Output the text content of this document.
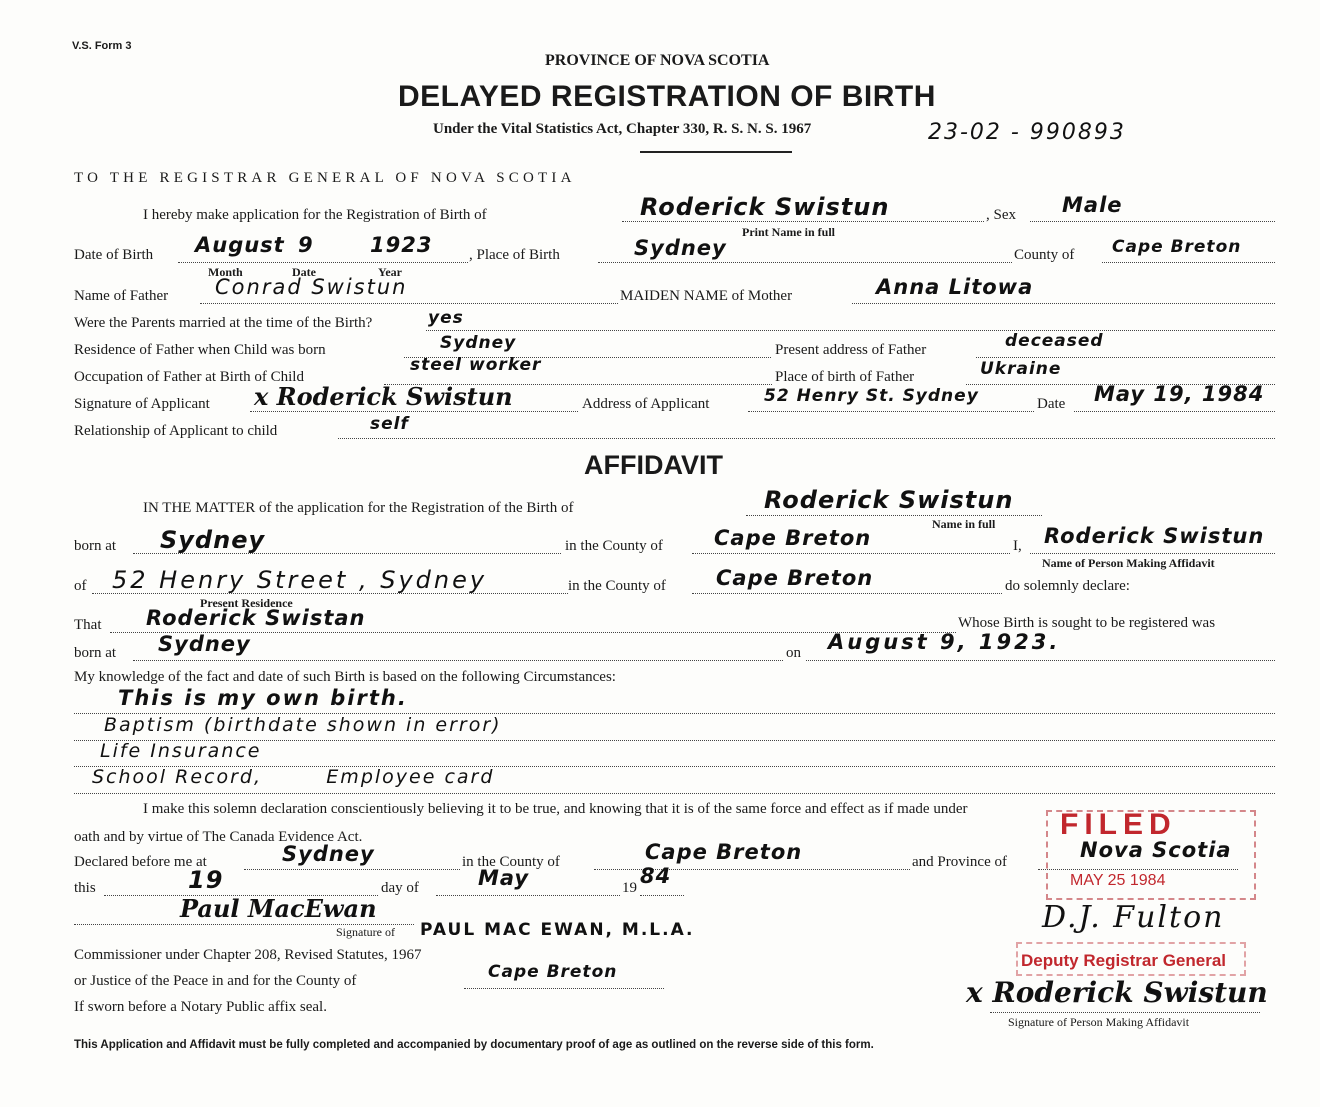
V.S. Form 3
PROVINCE OF NOVA SCOTIA
DELAYED REGISTRATION OF BIRTH
Under the Vital Statistics Act, Chapter 330, R. S. N. S. 1967	23-02 - 990893
TO THE REGISTRAR GENERAL OF NOVA SCOTIA
I hereby make application for the Registration of Birth of	Roderick Swistun	, Sex Male
Print Name in full
Date of Birth August 9	1923
Month	Date	Year
, Place of Birth	Sydney	County of Cape Breton
Name of Father Conrad Swistun	MAIDEN NAME of Mother	Anna Litowa
Were the Parents married at the time of the Birth?	yes
Residence of Father when Child was born	Sydney	Present address of Father	deceased
Occupation of Father at Birth of Child
steel worker
Place of birth of Father	Ukraine
Signature of Applicant x Roderick Swistun	Address of Applicant	52 Henry St. Sydney	Date May 19, 1984
Relationship of Applicant to child	self
AFFIDAVIT
IN THE MATTER of the application for the Registration of the Birth of	Roderick Swistun
Name in full
born at Sydney	in the County of Cape Breton	I, Roderick Swistun
Name of Person Making Affidavit
of 52 Henry Street , Sydney
Present Residence
in the County of Cape Breton	do solemnly declare:
That Roderick Swistan	Whose Birth is sought to be registered was
born at Sydney	on August 9, 1923.
My knowledge of the fact and date of such Birth is based on the following Circumstances:
This is my own birth.
Baptism (birthdate shown in error)
Life Insurance
School Record,        Employee card
I make this solemn declaration conscientiously believing it to be true, and knowing that it is of the same force and effect as if made under
oath and by virtue of The Canada Evidence Act.
Declared before me at	Sydney	in the County of	Cape Breton	and Province of	Nova Scotia
this	19	day of	May	19 84
Paul MacEwan
Signature of PAUL MAC EWAN, M.L.A.
Commissioner under Chapter 208, Revised Statutes, 1967
or Justice of the Peace in and for the County of	Cape Breton
If sworn before a Notary Public affix seal.
FILED
MAY 25 1984
D.J. Fulton
Deputy Registrar General
x Roderick Swistun
Signature of Person Making Affidavit
This Application and Affidavit must be fully completed and accompanied by documentary proof of age as outlined on the reverse side of this form.
